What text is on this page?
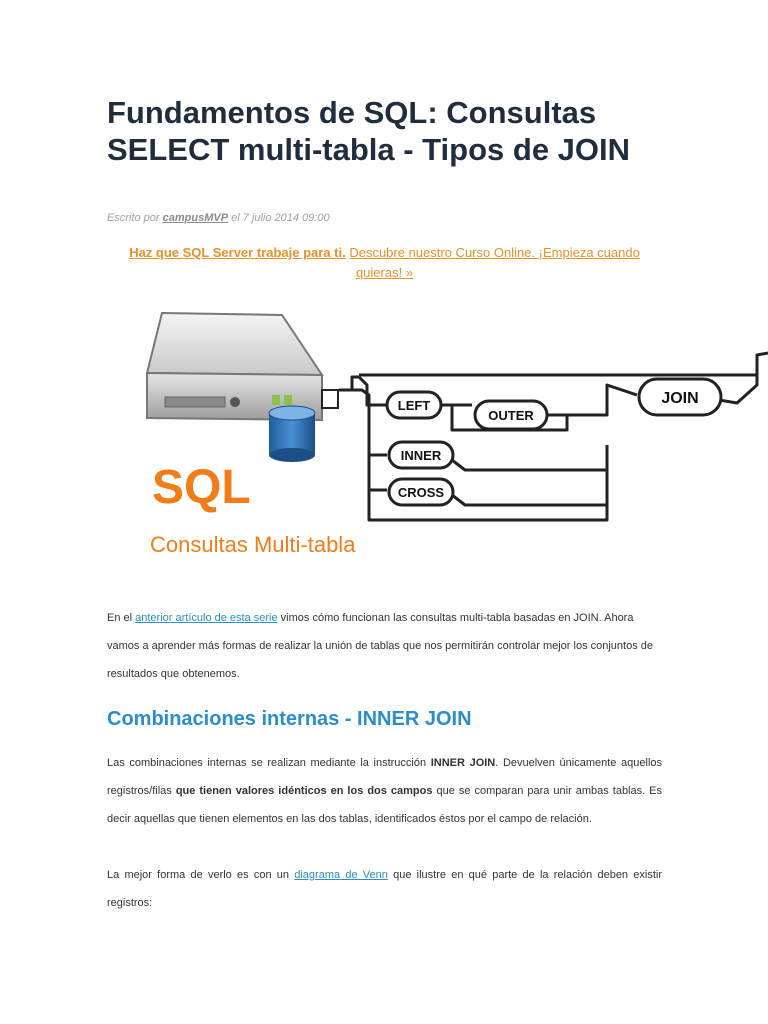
Fundamentos de SQL: Consultas SELECT multi-tabla - Tipos de JOIN
Escrito por campusMVP el 7 julio 2014 09:00
Haz que SQL Server trabaje para ti. Descubre nuestro Curso Online. ¡Empieza cuando quieras! »
LEFT
OUTER
INNER
CROSS
JOIN
SQL
Consultas Multi-tabla
En el anterior artículo de esta serie vimos cómo funcionan las consultas multi-tabla basadas en JOIN. Ahora vamos a aprender más formas de realizar la unión de tablas que nos permitirán controlar mejor los conjuntos de resultados que obtenemos.
Combinaciones internas - INNER JOIN
Las combinaciones internas se realizan mediante la instrucción INNER JOIN. Devuelven únicamente aquellos registros/filas que tienen valores idénticos en los dos campos que se comparan para unir ambas tablas. Es decir aquellas que tienen elementos en las dos tablas, identificados éstos por el campo de relación.
La mejor forma de verlo es con un diagrama de Venn que ilustre en qué parte de la relación deben existir registros:
